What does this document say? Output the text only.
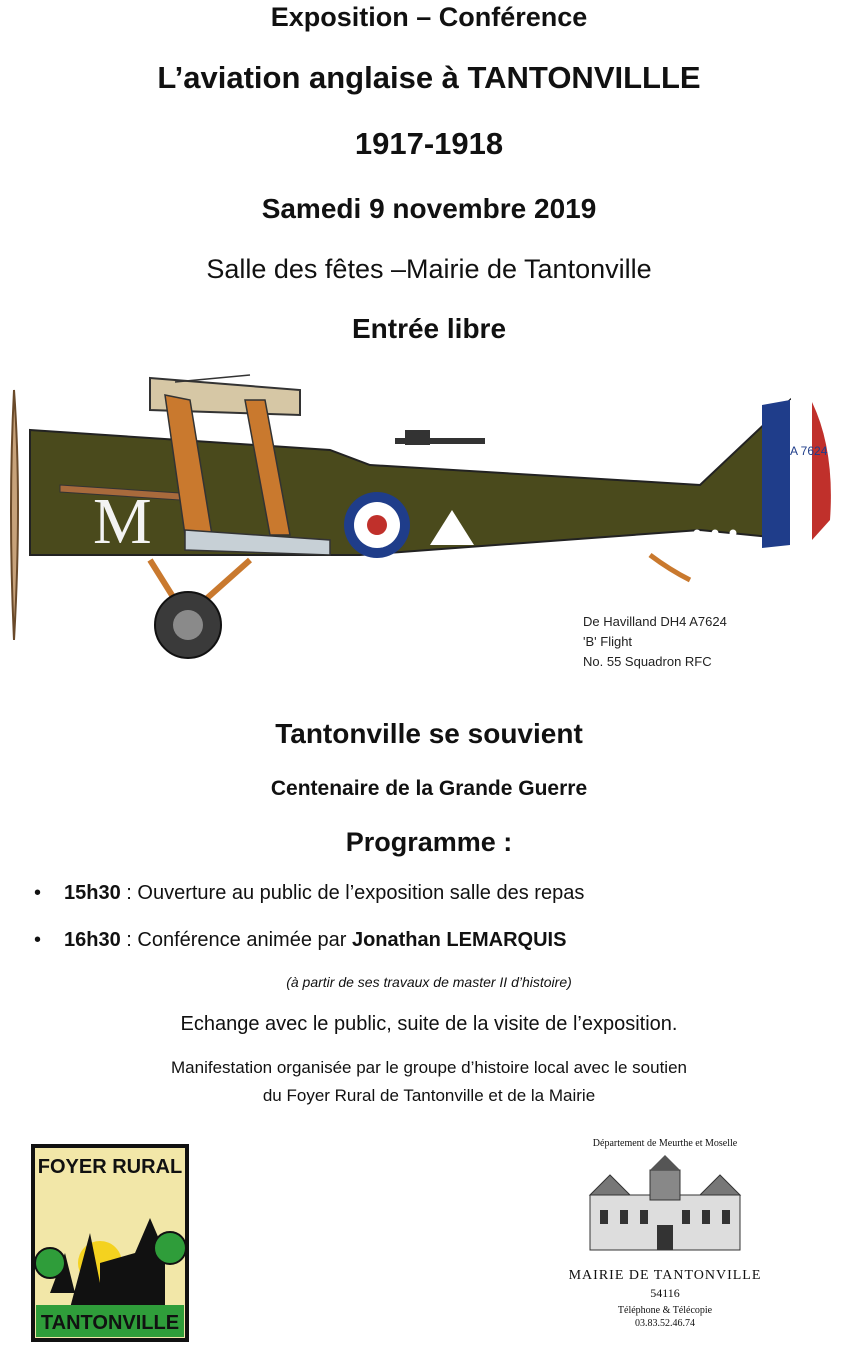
Exposition – Conférence
L’aviation anglaise à TANTONVILLLE
1917-1918
Samedi 9 novembre 2019
Salle des fêtes –Mairie de Tantonville
Entrée libre
M
A 7624
De Havilland DH4 A7624
'B' Flight
No. 55 Squadron RFC
Tantonville se souvient
Centenaire de la Grande Guerre
Programme :
• 15h30 : Ouverture au public de l’exposition salle des repas
• 16h30 : Conférence animée par Jonathan LEMARQUIS
(à partir de ses travaux de master II d’histoire)
Echange avec le public, suite de la visite de l’exposition.
Manifestation organisée par le groupe d’histoire local avec le soutien
du Foyer Rural de Tantonville et de la Mairie
FOYER RURAL
TANTONVILLE
Département de Meurthe et Moselle
MAIRIE DE TANTONVILLE
54116
Téléphone & Télécopie
03.83.52.46.74
